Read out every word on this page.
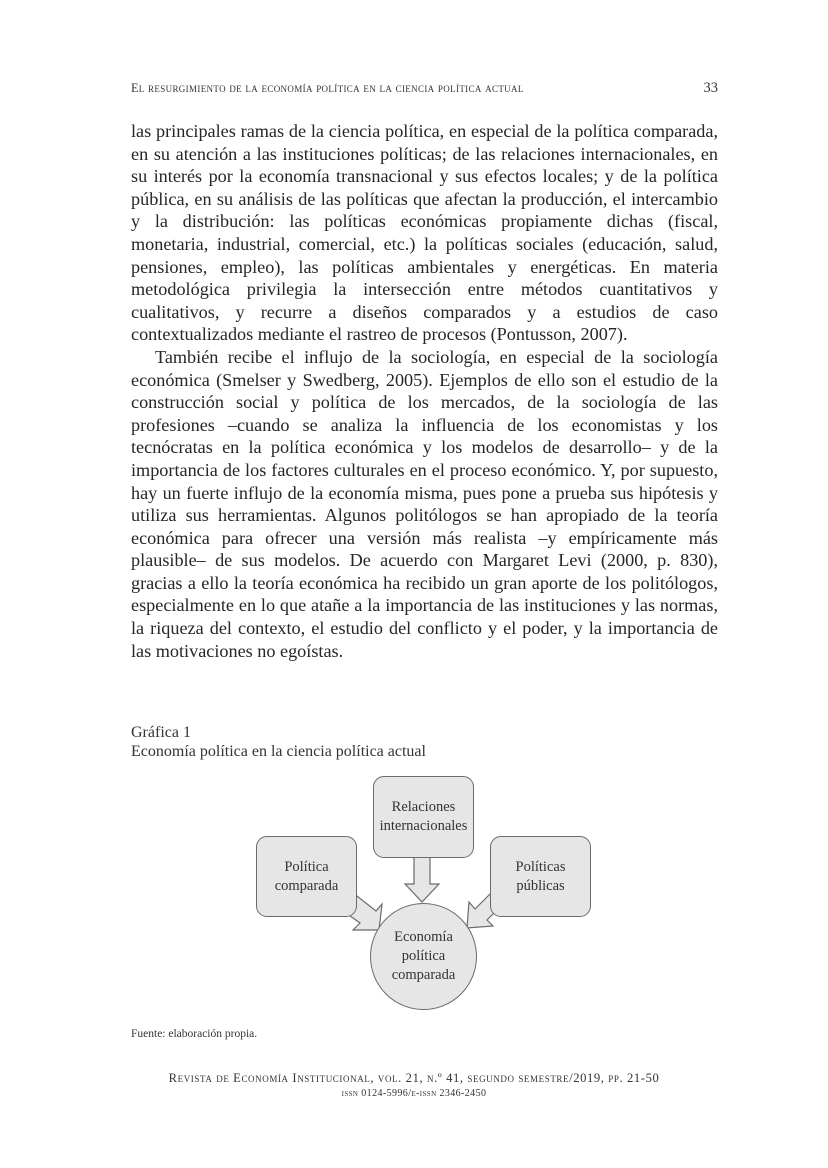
El resurgimiento de la economía política en la ciencia política actual	33

las principales ramas de la ciencia política, en especial de la política comparada, en su atención a las instituciones políticas; de las relaciones internacionales, en su interés por la economía transnacional y sus efectos locales; y de la política pública, en su análisis de las políticas que afectan la producción, el intercambio y la distribución: las políticas económicas propiamente dichas (fiscal, monetaria, industrial, comercial, etc.) la políticas sociales (educación, salud, pensiones, empleo), las políticas ambientales y energéticas. En materia metodológica privilegia la intersección entre métodos cuantitativos y cualitativos, y recurre a diseños comparados y a estudios de caso contextualizados mediante el rastreo de procesos (Pontusson, 2007).

También recibe el influjo de la sociología, en especial de la sociología económica (Smelser y Swedberg, 2005). Ejemplos de ello son el estudio de la construcción social y política de los mercados, de la sociología de las profesiones –cuando se analiza la influencia de los economistas y los tecnócratas en la política económica y los modelos de desarrollo– y de la importancia de los factores culturales en el proceso económico. Y, por supuesto, hay un fuerte influjo de la economía misma, pues pone a prueba sus hipótesis y utiliza sus herramientas. Algunos politólogos se han apropiado de la teoría económica para ofrecer una versión más realista –y empíricamente más plausible– de sus modelos. De acuerdo con Margaret Levi (2000, p. 830), gracias a ello la teoría económica ha recibido un gran aporte de los politólogos, especialmente en lo que atañe a la importancia de las instituciones y las normas, la riqueza del contexto, el estudio del conflicto y el poder, y la importancia de las motivaciones no egoístas.

Gráfica 1
Economía política en la ciencia política actual
Relaciones
internacionales
Política
comparada
Políticas
públicas
Economía
política
comparada
Fuente: elaboración propia.
Revista de Economía Institucional, vol. 21, n.º 41, segundo semestre/2019, pp. 21-50
issn 0124-5996/e-issn 2346-2450
